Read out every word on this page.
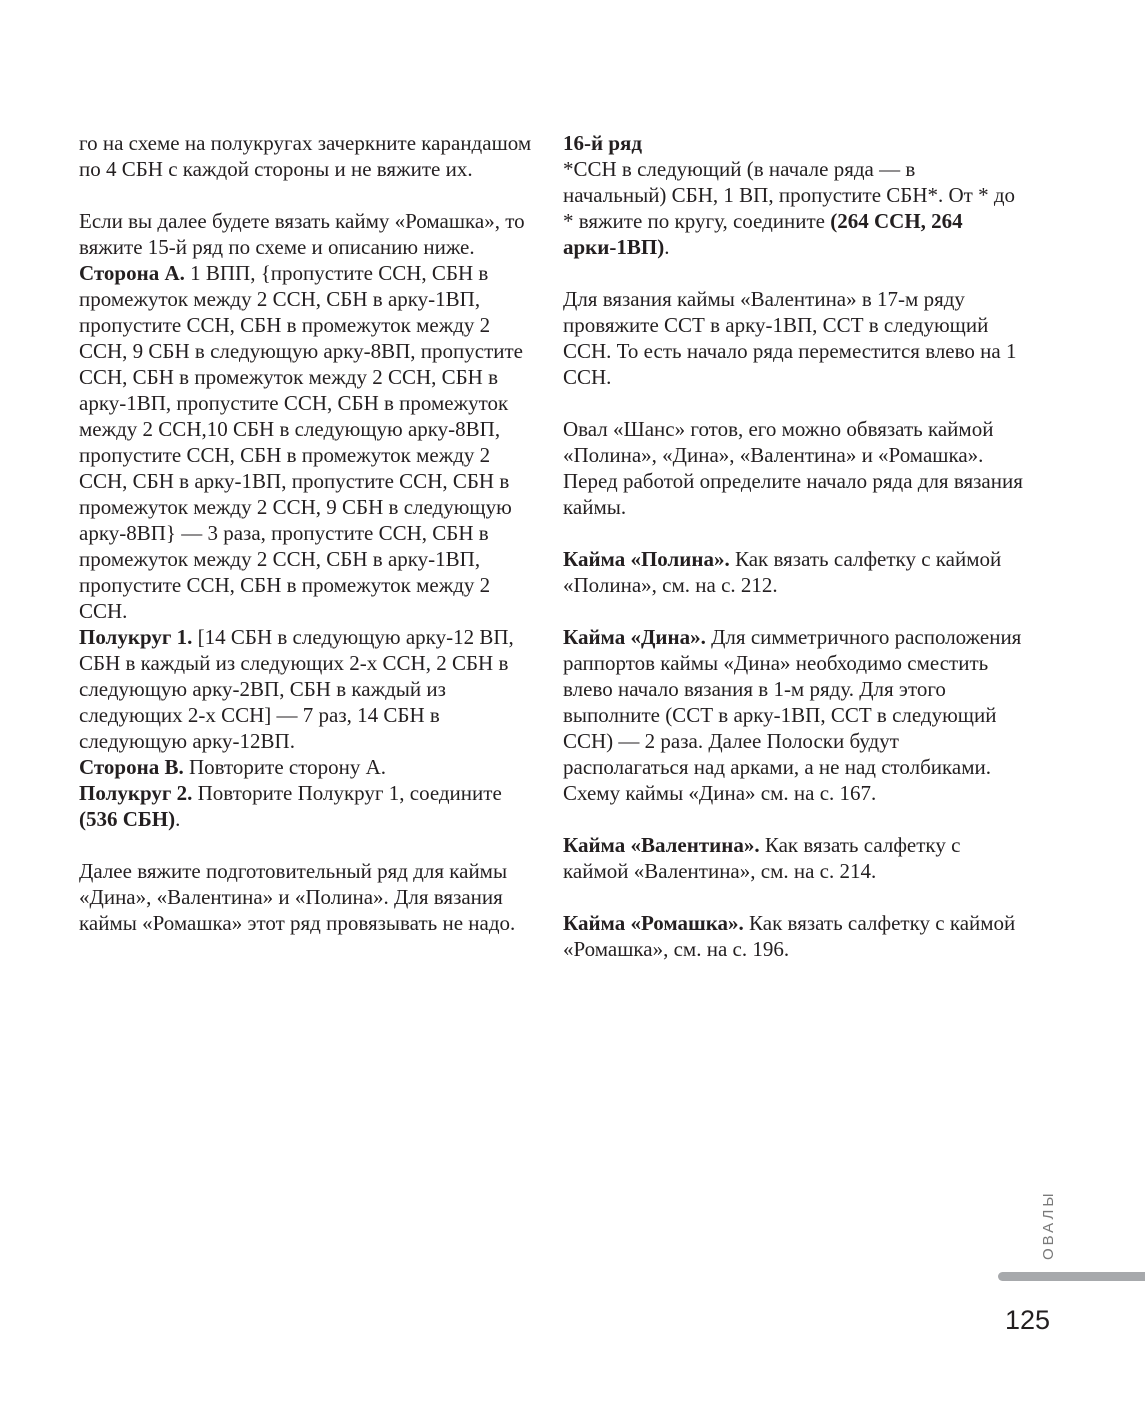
го на схеме на полукругах зачеркните карандашом по 4 СБН с каждой стороны и не вяжите их.

Если вы далее будете вязать кайму «Ромашка», то вяжите 15-й ряд по схеме и описанию ниже.

Сторона А. 1 ВПП, {пропустите ССН, СБН в промежуток между 2 ССН, СБН в арку-1ВП, пропустите ССН, СБН в промежуток между 2 ССН, 9 СБН в следующую арку-8ВП, пропустите ССН, СБН в промежуток между 2 ССН, СБН в арку-1ВП, пропустите ССН, СБН в промежуток между 2 ССН,10 СБН в следующую арку-8ВП, пропустите ССН, СБН в промежуток между 2 ССН, СБН в арку-1ВП, пропустите ССН, СБН в промежуток между 2 ССН, 9 СБН в следующую арку-8ВП} — 3 раза, пропустите ССН, СБН в промежуток между 2 ССН, СБН в арку-1ВП, пропустите ССН, СБН в промежуток между 2 ССН.

Полукруг 1. [14 СБН в следующую арку-12 ВП, СБН в каждый из следующих 2-х ССН, 2 СБН в следующую арку-2ВП, СБН в каждый из следующих 2-х ССН] — 7 раз, 14 СБН в следующую арку-12ВП.

Сторона В. Повторите сторону А.

Полукруг 2. Повторите Полукруг 1, соедините (536 СБН).

Далее вяжите подготовительный ряд для каймы «Дина», «Валентина» и «Полина». Для вязания каймы «Ромашка» этот ряд провязывать не надо.

16-й ряд

*ССН в следующий (в начале ряда — в начальный) СБН, 1 ВП, пропустите СБН*. От * до * вяжите по кругу, соедините (264 ССН, 264 арки-1ВП).

Для вязания каймы «Валентина» в 17-м ряду провяжите ССТ в арку-1ВП, ССТ в следующий ССН. То есть начало ряда переместится влево на 1 ССН.

Овал «Шанс» готов, его можно обвязать каймой «Полина», «Дина», «Валентина» и «Ромашка». Перед работой определите начало ряда для вязания каймы.

Кайма «Полина». Как вязать салфетку с каймой «Полина», см. на с. 212.

Кайма «Дина». Для симметричного расположения раппортов каймы «Дина» необходимо сместить влево начало вязания в 1-м ряду. Для этого выполните (ССТ в арку-1ВП, ССТ в следующий ССН) — 2 раза. Далее Полоски будут располагаться над арками, а не над столбиками. Схему каймы «Дина» см. на с. 167.

Кайма «Валентина». Как вязать салфетку с каймой «Валентина», см. на с. 214.

Кайма «Ромашка». Как вязать салфетку с каймой «Ромашка», см. на с. 196.

ОВАЛЫ
125
